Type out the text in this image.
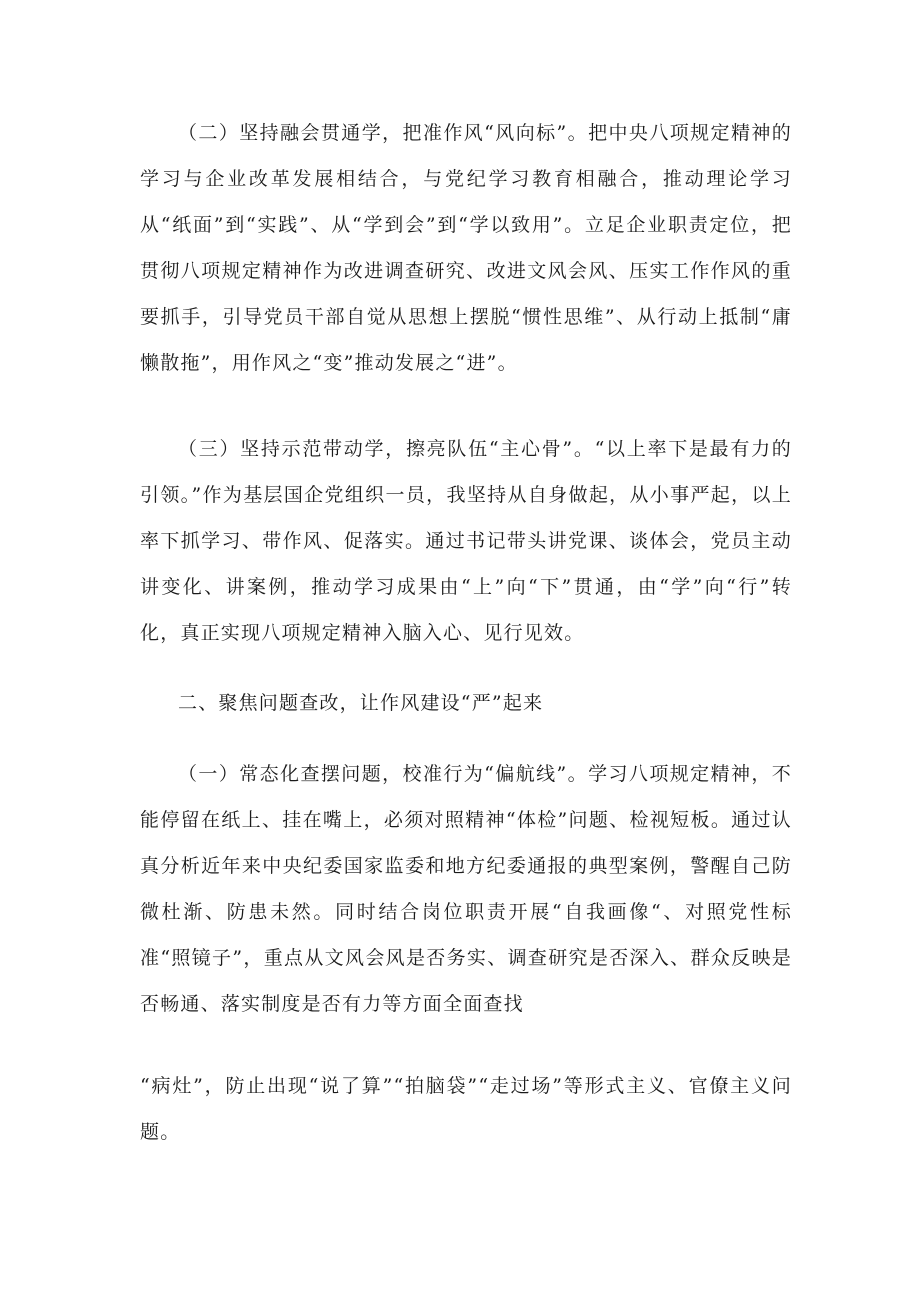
（二）坚持融会贯通学，把准作风“风向标”。把中央八项规定精神的学习与企业改革发展相结合，与党纪学习教育相融合，推动理论学习从“纸面”到“实践”、从“学到会”到“学以致用”。立足企业职责定位，把贯彻八项规定精神作为改进调查研究、改进文风会风、压实工作作风的重要抓手，引导党员干部自觉从思想上摆脱“惯性思维”、从行动上抵制“庸懒散拖”，用作风之“变”推动发展之“进”。

（三）坚持示范带动学，擦亮队伍“主心骨”。“以上率下是最有力的引领。”作为基层国企党组织一员，我坚持从自身做起，从小事严起，以上率下抓学习、带作风、促落实。通过书记带头讲党课、谈体会，党员主动讲变化、讲案例，推动学习成果由“上”向“下”贯通，由“学”向“行”转化，真正实现八项规定精神入脑入心、见行见效。

二、聚焦问题查改，让作风建设“严”起来

（一）常态化查摆问题，校准行为“偏航线”。学习八项规定精神，不能停留在纸上、挂在嘴上，必须对照精神“体检”问题、检视短板。通过认真分析近年来中央纪委国家监委和地方纪委通报的典型案例，警醒自己防微杜渐、防患未然。同时结合岗位职责开展“自我画像“、对照党性标准“照镜子”，重点从文风会风是否务实、调查研究是否深入、群众反映是否畅通、落实制度是否有力等方面全面查找

“病灶”，防止出现“说了算”“拍脑袋”“走过场”等形式主义、官僚主义问题。
